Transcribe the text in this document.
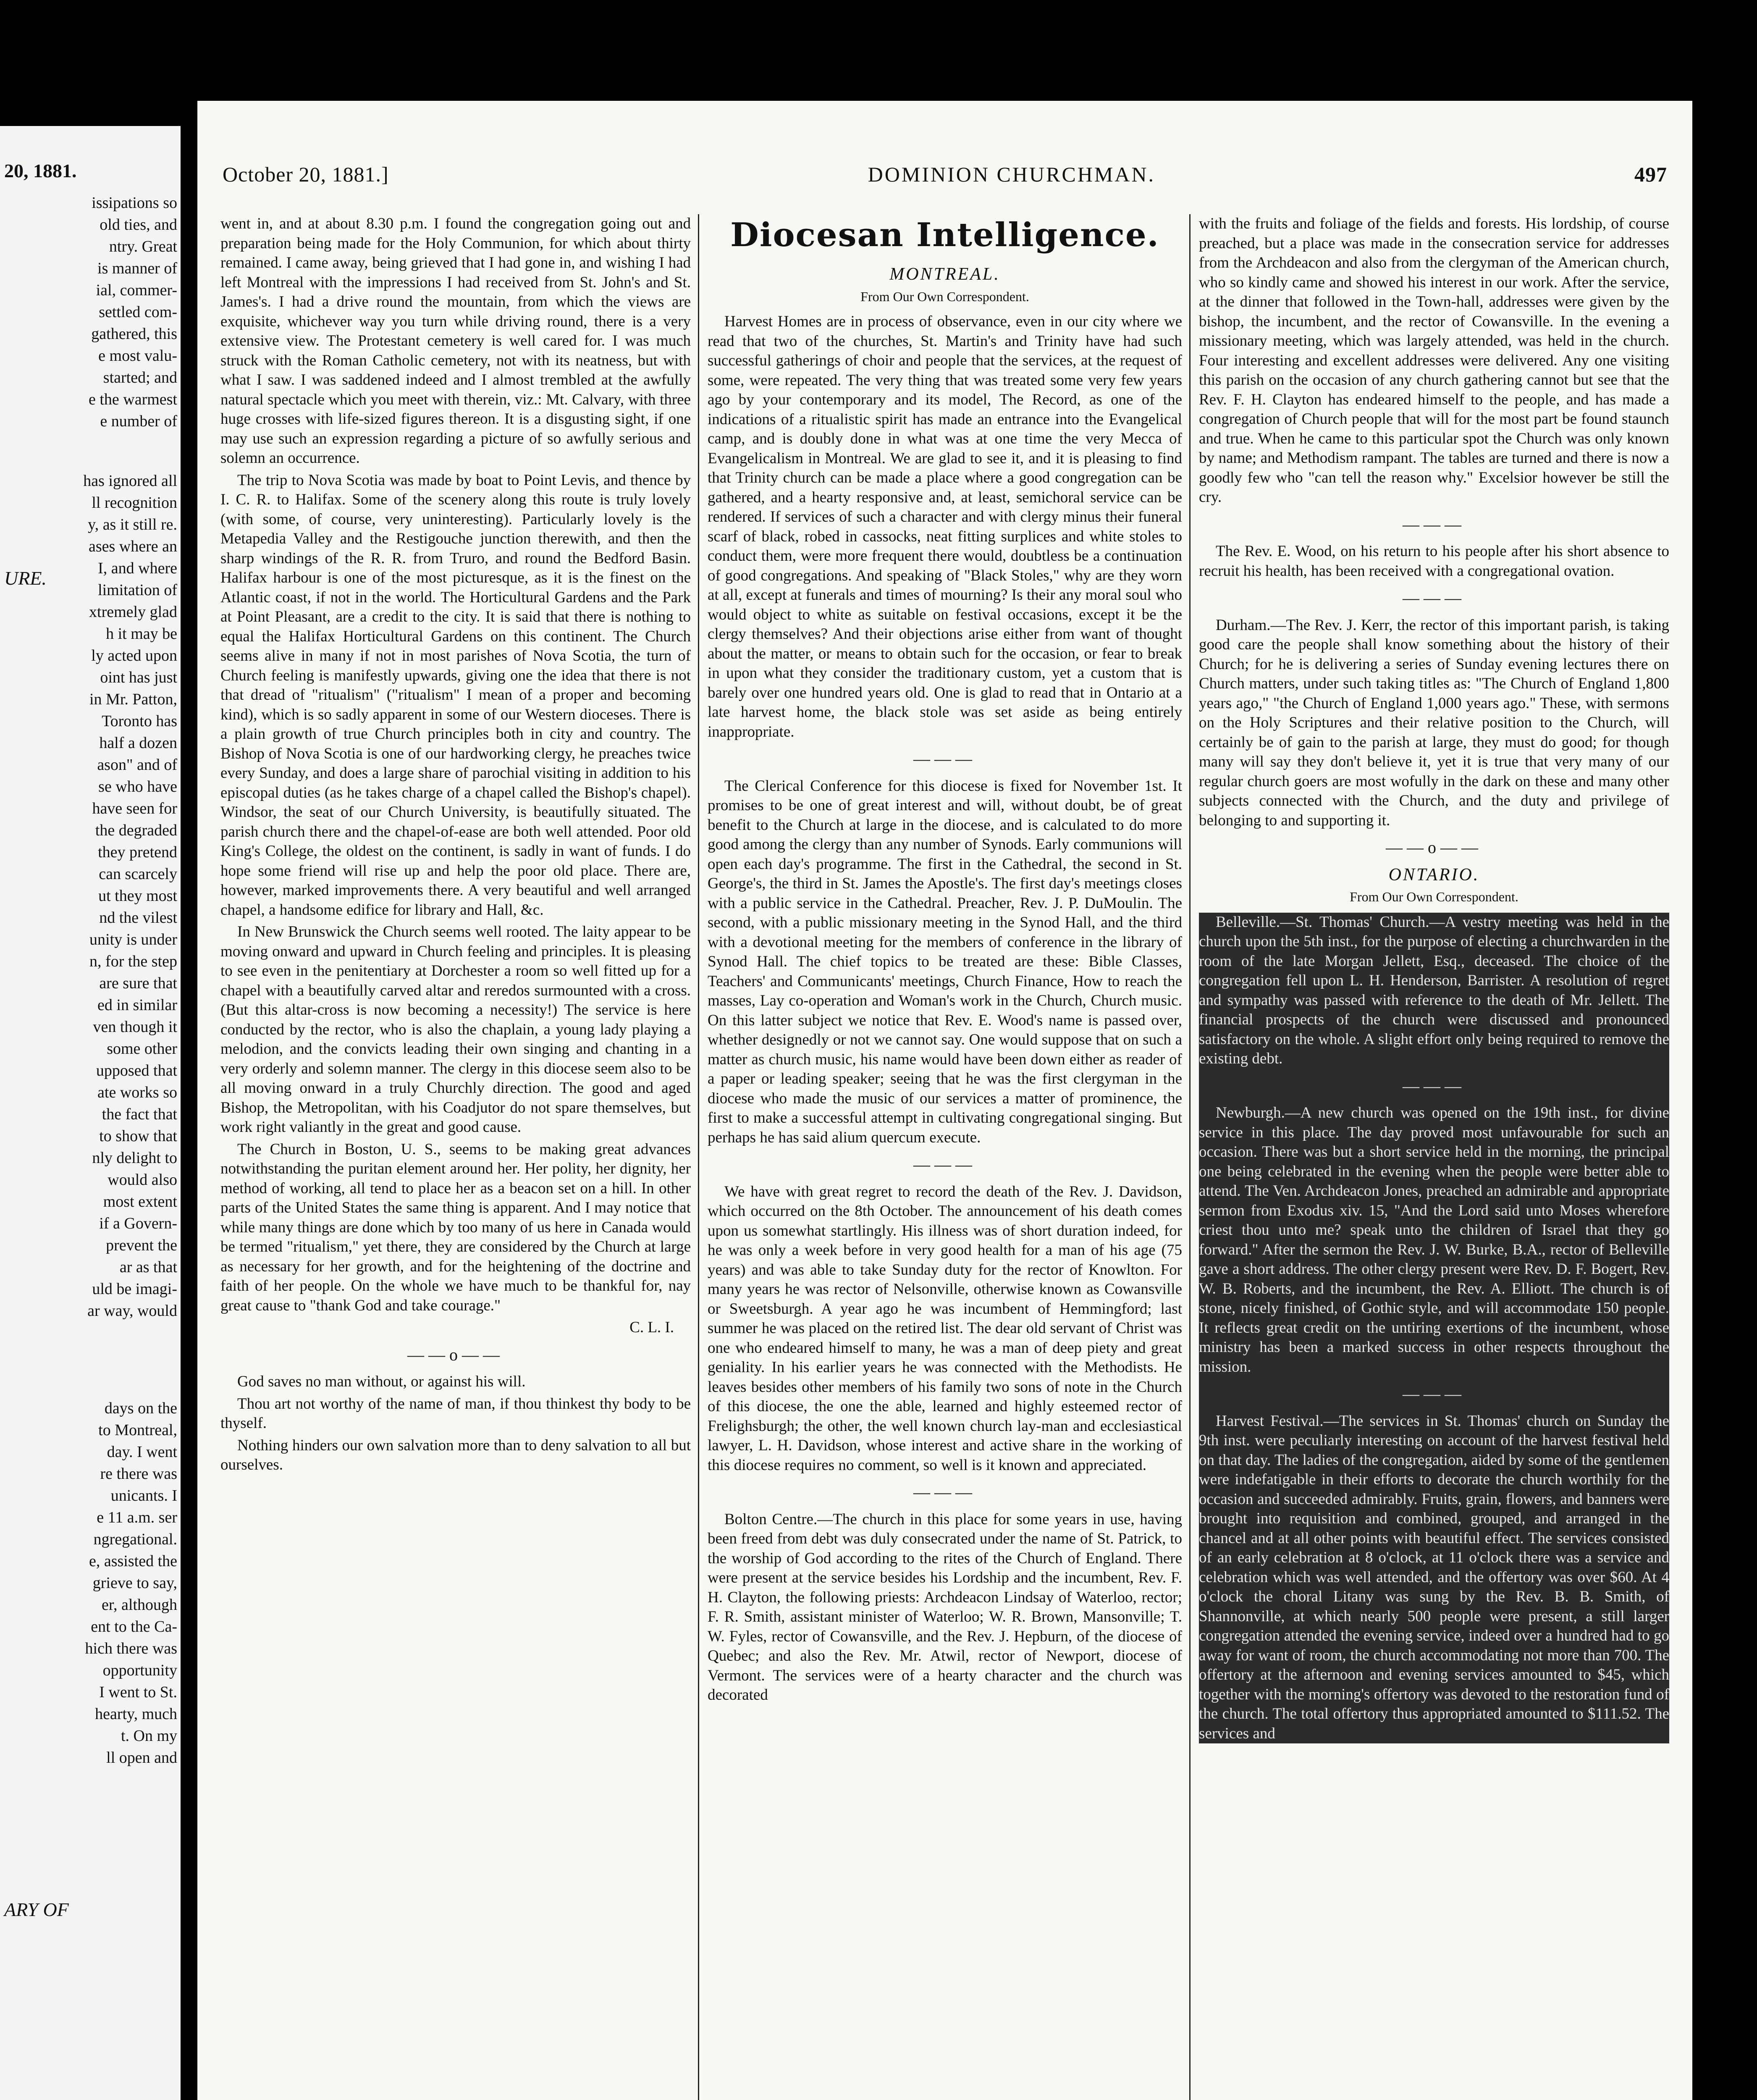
20, 1881.
URE.
ARY OF
issipations so
old ties, and
ntry. Great
is manner of
ial, commer-
settled com-
gathered, this
e most valu-
started; and
e the warmest
e number of
has ignored all
ll recognition
y, as it still re.
ases where an
I, and where
limitation of
xtremely glad
h it may be
ly acted upon
oint has just
in Mr. Patton,
Toronto has
half a dozen
ason" and of
se who have
have seen for
the degraded
they pretend
can scarcely
ut they most
nd the vilest
unity is under
n, for the step
are sure that
ed in similar
ven though it
some other
upposed that
ate works so
the fact that
to show that
nly delight to
would also
most extent
if a Govern-
prevent the
ar as that
uld be imagi-
ar way, would
days on the
to Montreal,
day. I went
re there was
unicants. I
e 11 a.m. ser
ngregational.
e, assisted the
grieve to say,
er, although
ent to the Ca-
hich there was
opportunity
I went to St.
hearty, much
t. On my
ll open and
October 20, 1881.]	DOMINION CHURCHMAN.	497

went in, and at about 8.30 p.m. I found the congregation going out and preparation being made for the Holy Communion, for which about thirty remained. I came away, being grieved that I had gone in, and wishing I had left Montreal with the impressions I had received from St. John's and St. James's. I had a drive round the mountain, from which the views are exquisite, whichever way you turn while driving round, there is a very extensive view. The Protestant cemetery is well cared for. I was much struck with the Roman Catholic cemetery, not with its neatness, but with what I saw. I was saddened indeed and I almost trembled at the awfully natural spectacle which you meet with therein, viz.: Mt. Calvary, with three huge crosses with life-sized figures thereon. It is a disgusting sight, if one may use such an expression regarding a picture of so awfully serious and solemn an occurrence.

The trip to Nova Scotia was made by boat to Point Levis, and thence by I. C. R. to Halifax. Some of the scenery along this route is truly lovely (with some, of course, very uninteresting). Particularly lovely is the Metapedia Valley and the Restigouche junction therewith, and then the sharp windings of the R. R. from Truro, and round the Bedford Basin. Halifax harbour is one of the most picturesque, as it is the finest on the Atlantic coast, if not in the world. The Horticultural Gardens and the Park at Point Pleasant, are a credit to the city. It is said that there is nothing to equal the Halifax Horticultural Gardens on this continent. The Church seems alive in many if not in most parishes of Nova Scotia, the turn of Church feeling is manifestly upwards, giving one the idea that there is not that dread of "ritualism" ("ritualism" I mean of a proper and becoming kind), which is so sadly apparent in some of our Western dioceses. There is a plain growth of true Church principles both in city and country. The Bishop of Nova Scotia is one of our hardworking clergy, he preaches twice every Sunday, and does a large share of parochial visiting in addition to his episcopal duties (as he takes charge of a chapel called the Bishop's chapel). Windsor, the seat of our Church University, is beautifully situated. The parish church there and the chapel-of-ease are both well attended. Poor old King's College, the oldest on the continent, is sadly in want of funds. I do hope some friend will rise up and help the poor old place. There are, however, marked improvements there. A very beautiful and well arranged chapel, a handsome edifice for library and Hall, &c.

In New Brunswick the Church seems well rooted. The laity appear to be moving onward and upward in Church feeling and principles. It is pleasing to see even in the penitentiary at Dorchester a room so well fitted up for a chapel with a beautifully carved altar and reredos surmounted with a cross. (But this altar-cross is now becoming a necessity!) The service is here conducted by the rector, who is also the chaplain, a young lady playing a melodion, and the convicts leading their own singing and chanting in a very orderly and solemn manner. The clergy in this diocese seem also to be all moving onward in a truly Churchly direction. The good and aged Bishop, the Metropolitan, with his Coadjutor do not spare themselves, but work right valiantly in the great and good cause.

The Church in Boston, U. S., seems to be making great advances notwithstanding the puritan element around her. Her polity, her dignity, her method of working, all tend to place her as a beacon set on a hill. In other parts of the United States the same thing is apparent. And I may notice that while many things are done which by too many of us here in Canada would be termed "ritualism," yet there, they are considered by the Church at large as necessary for her growth, and for the heightening of the doctrine and faith of her people. On the whole we have much to be thankful for, nay great cause to "thank God and take courage."

C. L. I.
——o——

God saves no man without, or against his will.

Thou art not worthy of the name of man, if thou thinkest thy body to be thyself.

Nothing hinders our own salvation more than to deny salvation to all but ourselves.

Diocesan Intelligence.
MONTREAL.
From Our Own Correspondent.

Harvest Homes are in process of observance, even in our city where we read that two of the churches, St. Martin's and Trinity have had such successful gatherings of choir and people that the services, at the request of some, were repeated. The very thing that was treated some very few years ago by your contemporary and its model, The Record, as one of the indications of a ritualistic spirit has made an entrance into the Evangelical camp, and is doubly done in what was at one time the very Mecca of Evangelicalism in Montreal. We are glad to see it, and it is pleasing to find that Trinity church can be made a place where a good congregation can be gathered, and a hearty responsive and, at least, semichoral service can be rendered. If services of such a character and with clergy minus their funeral scarf of black, robed in cassocks, neat fitting surplices and white stoles to conduct them, were more frequent there would, doubtless be a continuation of good congregations. And speaking of "Black Stoles," why are they worn at all, except at funerals and times of mourning? Is their any moral soul who would object to white as suitable on festival occasions, except it be the clergy themselves? And their objections arise either from want of thought about the matter, or means to obtain such for the occasion, or fear to break in upon what they consider the traditionary custom, yet a custom that is barely over one hundred years old. One is glad to read that in Ontario at a late harvest home, the black stole was set aside as being entirely inappropriate.

———

The Clerical Conference for this diocese is fixed for November 1st. It promises to be one of great interest and will, without doubt, be of great benefit to the Church at large in the diocese, and is calculated to do more good among the clergy than any number of Synods. Early communions will open each day's programme. The first in the Cathedral, the second in St. George's, the third in St. James the Apostle's. The first day's meetings closes with a public service in the Cathedral. Preacher, Rev. J. P. DuMoulin. The second, with a public missionary meeting in the Synod Hall, and the third with a devotional meeting for the members of conference in the library of Synod Hall. The chief topics to be treated are these: Bible Classes, Teachers' and Communicants' meetings, Church Finance, How to reach the masses, Lay co-operation and Woman's work in the Church, Church music. On this latter subject we notice that Rev. E. Wood's name is passed over, whether designedly or not we cannot say. One would suppose that on such a matter as church music, his name would have been down either as reader of a paper or leading speaker; seeing that he was the first clergyman in the diocese who made the music of our services a matter of prominence, the first to make a successful attempt in cultivating congregational singing. But perhaps he has said alium quercum execute.

———

We have with great regret to record the death of the Rev. J. Davidson, which occurred on the 8th October. The announcement of his death comes upon us somewhat startlingly. His illness was of short duration indeed, for he was only a week before in very good health for a man of his age (75 years) and was able to take Sunday duty for the rector of Knowlton. For many years he was rector of Nelsonville, otherwise known as Cowansville or Sweetsburgh. A year ago he was incumbent of Hemmingford; last summer he was placed on the retired list. The dear old servant of Christ was one who endeared himself to many, he was a man of deep piety and great geniality. In his earlier years he was connected with the Methodists. He leaves besides other members of his family two sons of note in the Church of this diocese, the one the able, learned and highly esteemed rector of Frelighsburgh; the other, the well known church lay-man and ecclesiastical lawyer, L. H. Davidson, whose interest and active share in the working of this diocese requires no comment, so well is it known and appreciated.

———

Bolton Centre.—The church in this place for some years in use, having been freed from debt was duly consecrated under the name of St. Patrick, to the worship of God according to the rites of the Church of England. There were present at the service besides his Lordship and the incumbent, Rev. F. H. Clayton, the following priests: Archdeacon Lindsay of Waterloo, rector; F. R. Smith, assistant minister of Waterloo; W. R. Brown, Mansonville; T. W. Fyles, rector of Cowansville, and the Rev. J. Hepburn, of the diocese of Quebec; and also the Rev. Mr. Atwil, rector of Newport, diocese of Vermont. The services were of a hearty character and the church was decorated

with the fruits and foliage of the fields and forests. His lordship, of course preached, but a place was made in the consecration service for addresses from the Archdeacon and also from the clergyman of the American church, who so kindly came and showed his interest in our work. After the service, at the dinner that followed in the Town-hall, addresses were given by the bishop, the incumbent, and the rector of Cowansville. In the evening a missionary meeting, which was largely attended, was held in the church. Four interesting and excellent addresses were delivered. Any one visiting this parish on the occasion of any church gathering cannot but see that the Rev. F. H. Clayton has endeared himself to the people, and has made a congregation of Church people that will for the most part be found staunch and true. When he came to this particular spot the Church was only known by name; and Methodism rampant. The tables are turned and there is now a goodly few who "can tell the reason why." Excelsior however be still the cry.

———

The Rev. E. Wood, on his return to his people after his short absence to recruit his health, has been received with a congregational ovation.

———

Durham.—The Rev. J. Kerr, the rector of this important parish, is taking good care the people shall know something about the history of their Church; for he is delivering a series of Sunday evening lectures there on Church matters, under such taking titles as: "The Church of England 1,800 years ago," "the Church of England 1,000 years ago." These, with sermons on the Holy Scriptures and their relative position to the Church, will certainly be of gain to the parish at large, they must do good; for though many will say they don't believe it, yet it is true that very many of our regular church goers are most wofully in the dark on these and many other subjects connected with the Church, and the duty and privilege of belonging to and supporting it.

——o——
ONTARIO.
From Our Own Correspondent.

Belleville.—St. Thomas' Church.—A vestry meeting was held in the church upon the 5th inst., for the purpose of electing a churchwarden in the room of the late Morgan Jellett, Esq., deceased. The choice of the congregation fell upon L. H. Henderson, Barrister. A resolution of regret and sympathy was passed with reference to the death of Mr. Jellett. The financial prospects of the church were discussed and pronounced satisfactory on the whole. A slight effort only being required to remove the existing debt.

———

Newburgh.—A new church was opened on the 19th inst., for divine service in this place. The day proved most unfavourable for such an occasion. There was but a short service held in the morning, the principal one being celebrated in the evening when the people were better able to attend. The Ven. Archdeacon Jones, preached an admirable and appropriate sermon from Exodus xiv. 15, "And the Lord said unto Moses wherefore criest thou unto me? speak unto the children of Israel that they go forward." After the sermon the Rev. J. W. Burke, B.A., rector of Belleville gave a short address. The other clergy present were Rev. D. F. Bogert, Rev. W. B. Roberts, and the incumbent, the Rev. A. Elliott. The church is of stone, nicely finished, of Gothic style, and will accommodate 150 people. It reflects great credit on the untiring exertions of the incumbent, whose ministry has been a marked success in other respects throughout the mission.

———

Harvest Festival.—The services in St. Thomas' church on Sunday the 9th inst. were peculiarly interesting on account of the harvest festival held on that day. The ladies of the congregation, aided by some of the gentlemen were indefatigable in their efforts to decorate the church worthily for the occasion and succeeded admirably. Fruits, grain, flowers, and banners were brought into requisition and combined, grouped, and arranged in the chancel and at all other points with beautiful effect. The services consisted of an early celebration at 8 o'clock, at 11 o'clock there was a service and celebration which was well attended, and the offertory was over $60. At 4 o'clock the choral Litany was sung by the Rev. B. B. Smith, of Shannonville, at which nearly 500 people were present, a still larger congregation attended the evening service, indeed over a hundred had to go away for want of room, the church accommodating not more than 700. The offertory at the afternoon and evening services amounted to $45, which together with the morning's offertory was devoted to the restoration fund of the church. The total offertory thus appropriated amounted to $111.52. The services and
